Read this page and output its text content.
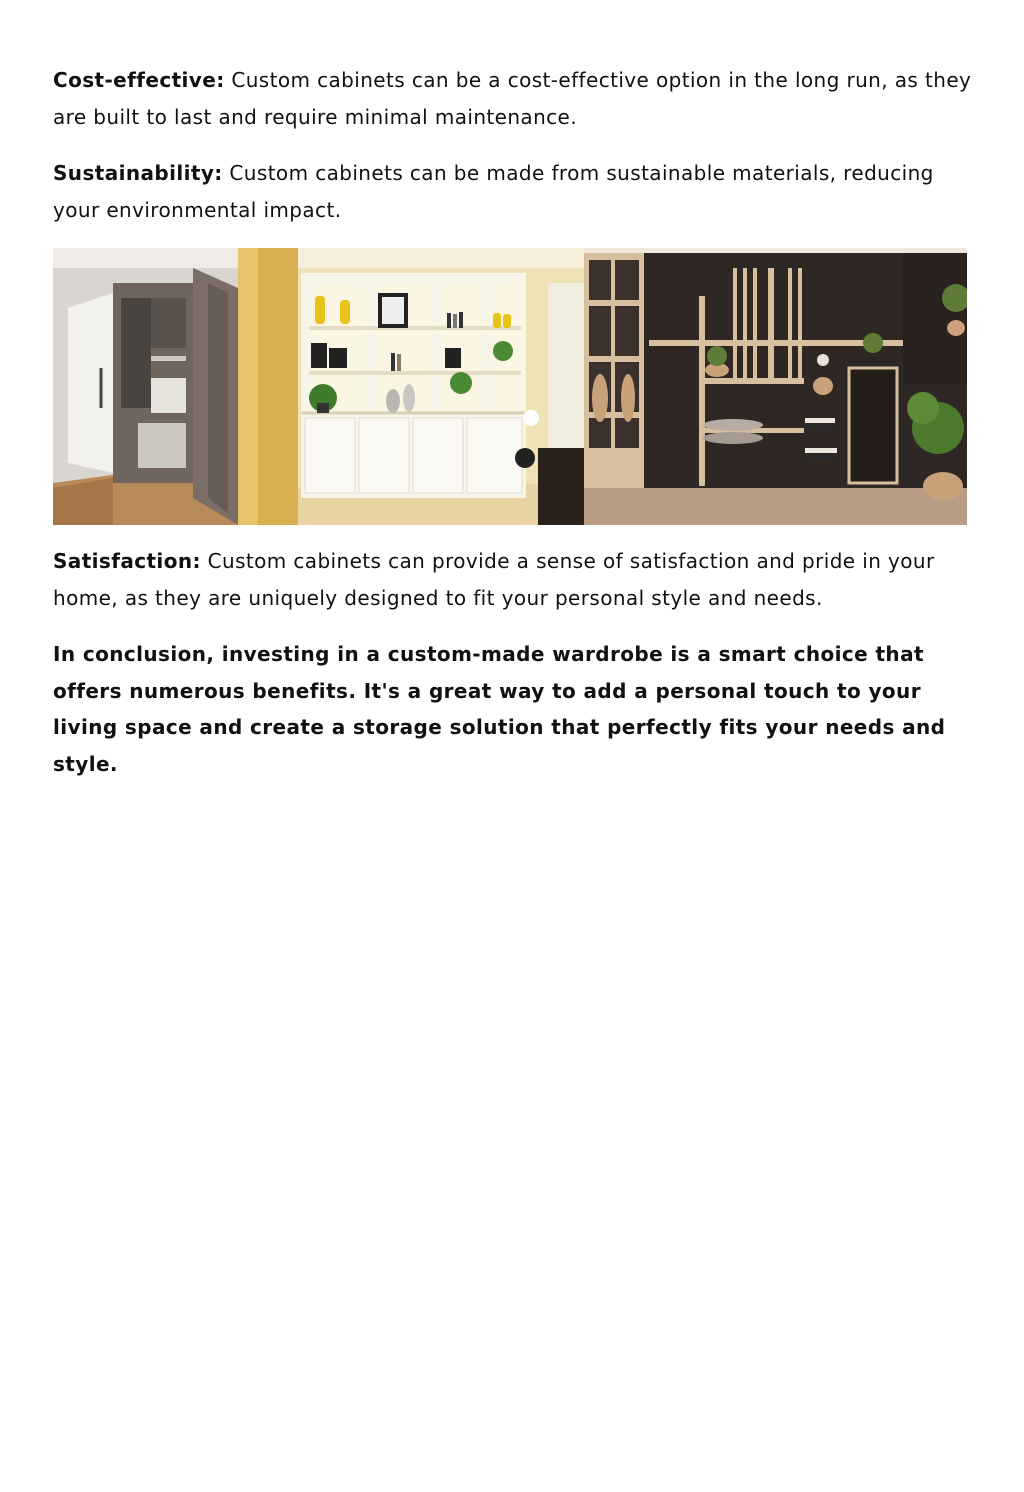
Cost-effective: Custom cabinets can be a cost-effective option in the long run, as they are built to last and require minimal maintenance.

Sustainability: Custom cabinets can be made from sustainable materials, reducing your environmental impact.

Satisfaction: Custom cabinets can provide a sense of satisfaction and pride in your home, as they are uniquely designed to fit your personal style and needs.

In conclusion, investing in a custom-made wardrobe is a smart choice that offers numerous benefits. It's a great way to add a personal touch to your living space and create a storage solution that perfectly fits your needs and style.
